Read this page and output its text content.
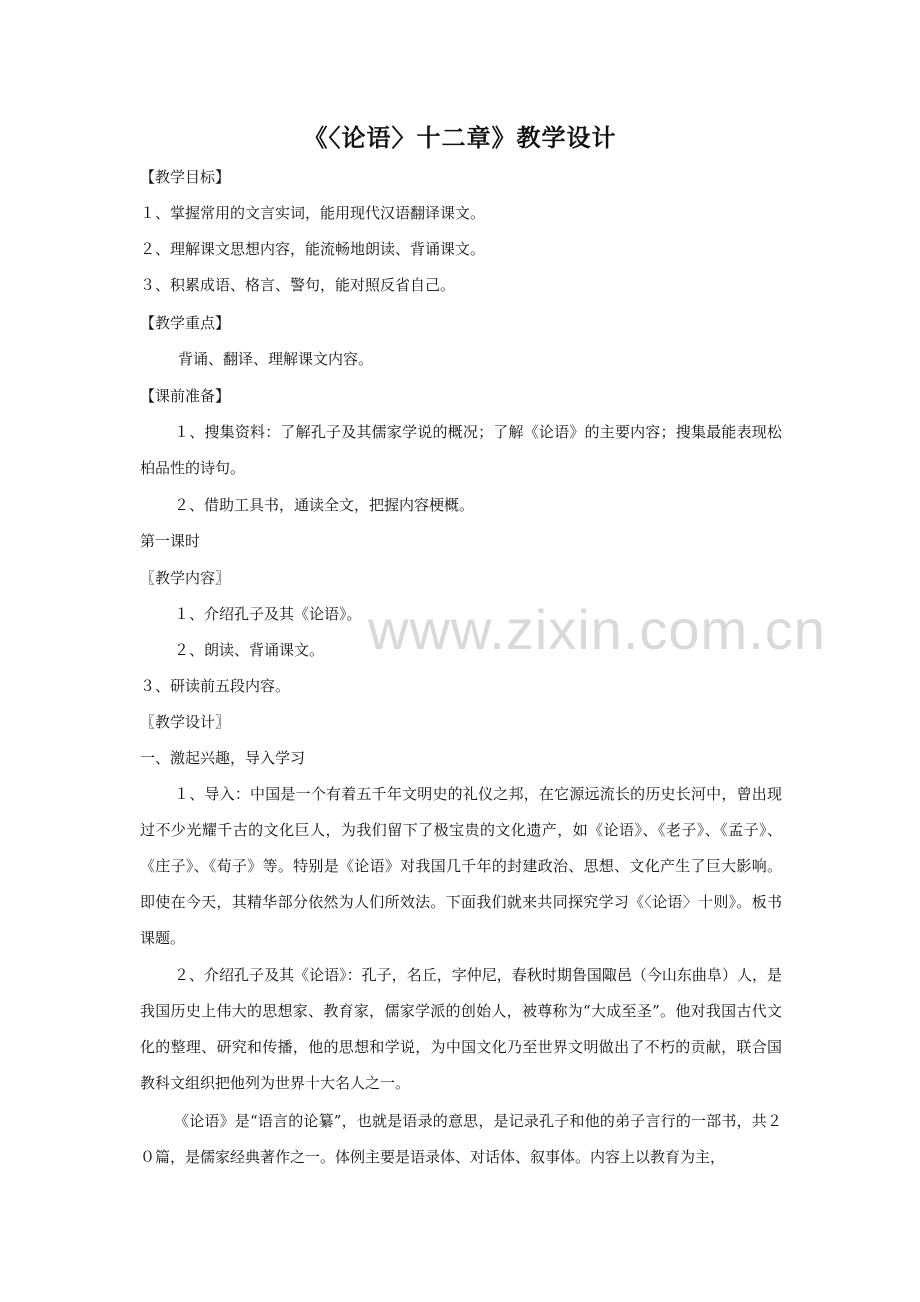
《〈论语〉十二章》教学设计
【教学目标】
１、掌握常用的文言实词，能用现代汉语翻译课文。
２、理解课文思想内容，能流畅地朗读、背诵课文。
３、积累成语、格言、警句，能对照反省自己。
【教学重点】
背诵、翻译、理解课文内容。
【课前准备】
１、搜集资料：了解孔子及其儒家学说的概况；了解《论语》的主要内容；搜集最能表现松柏品性的诗句。
２、借助工具书，通读全文，把握内容梗概。
第一课时
〖教学内容〗
１、介绍孔子及其《论语》。
２、朗读、背诵课文。
３、研读前五段内容。
〖教学设计〗
一、激起兴趣，导入学习
１、导入：中国是一个有着五千年文明史的礼仪之邦，在它源远流长的历史长河中，曾出现过不少光耀千古的文化巨人，为我们留下了极宝贵的文化遗产，如《论语》、《老子》、《孟子》、《庄子》、《荀子》等。特别是《论语》对我国几千年的封建政治、思想、文化产生了巨大影响。即使在今天，其精华部分依然为人们所效法。下面我们就来共同探究学习《〈论语〉十则》。板书课题。
２、介绍孔子及其《论语》：孔子，名丘，字仲尼，春秋时期鲁国陬邑（今山东曲阜）人，是我国历史上伟大的思想家、教育家，儒家学派的创始人，被尊称为“大成至圣”。他对我国古代文化的整理、研究和传播，他的思想和学说，为中国文化乃至世界文明做出了不朽的贡献，联合国教科文组织把他列为世界十大名人之一。
《论语》是“语言的论纂”，也就是语录的意思，是记录孔子和他的弟子言行的一部书，共２０篇，是儒家经典著作之一。体例主要是语录体、对话体、叙事体。内容上以教育为主，
www.zixin.com.cn
